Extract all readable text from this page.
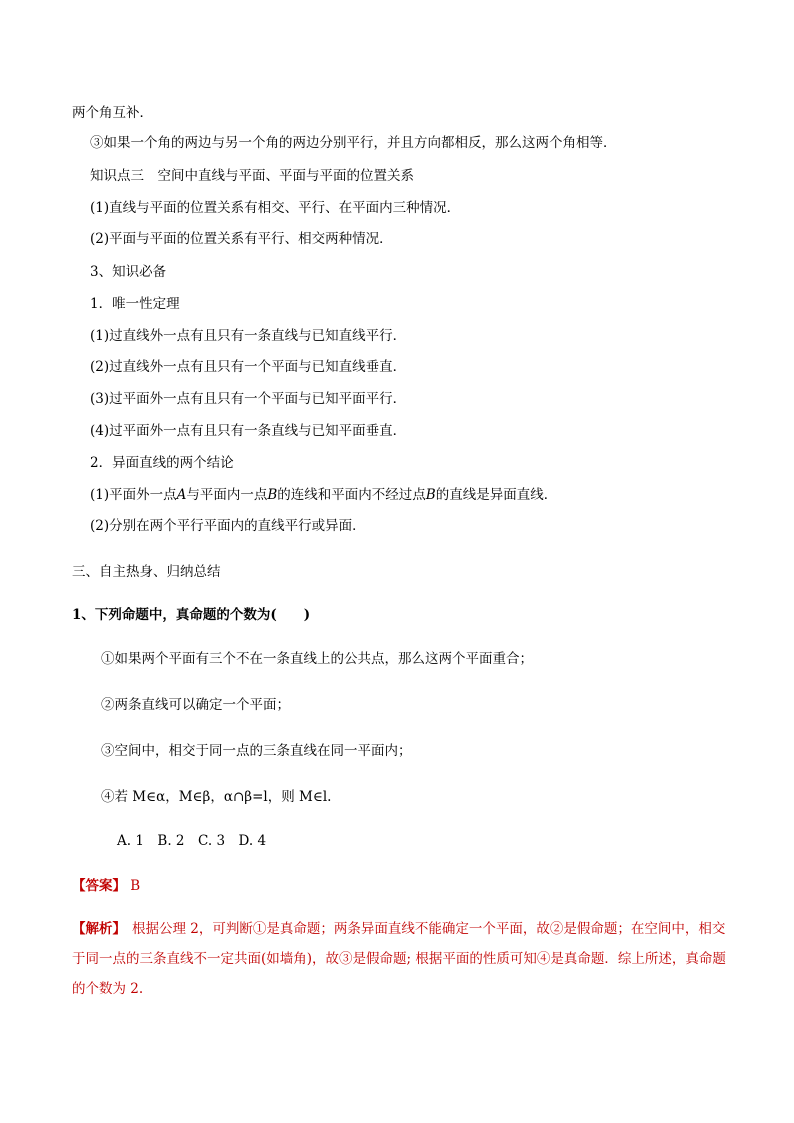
两个角互补．
③如果一个角的两边与另一个角的两边分别平行，并且方向都相反，那么这两个角相等．
知识点三　空间中直线与平面、平面与平面的位置关系
(1)直线与平面的位置关系有相交、平行、在平面内三种情况．
(2)平面与平面的位置关系有平行、相交两种情况．
3、知识必备
1．唯一性定理
(1)过直线外一点有且只有一条直线与已知直线平行．
(2)过直线外一点有且只有一个平面与已知直线垂直．
(3)过平面外一点有且只有一个平面与已知平面平行．
(4)过平面外一点有且只有一条直线与已知平面垂直．
2．异面直线的两个结论
(1)平面外一点A与平面内一点B的连线和平面内不经过点B的直线是异面直线．
(2)分别在两个平行平面内的直线平行或异面．
三、自主热身、归纳总结
1、下列命题中，真命题的个数为(　　)
①如果两个平面有三个不在一条直线上的公共点，那么这两个平面重合；
②两条直线可以确定一个平面；
③空间中，相交于同一点的三条直线在同一平面内；
④若 M∈α，M∈β，α∩β=l，则 M∈l.
A. 1　B. 2　C. 3　D. 4
【答案】 B
【解析】 根据公理 2，可判断①是真命题；两条异面直线不能确定一个平面，故②是假命题；在空间中，相交于同一点的三条直线不一定共面(如墙角)，故③是假命题; 根据平面的性质可知④是真命题．综上所述，真命题的个数为 2.
